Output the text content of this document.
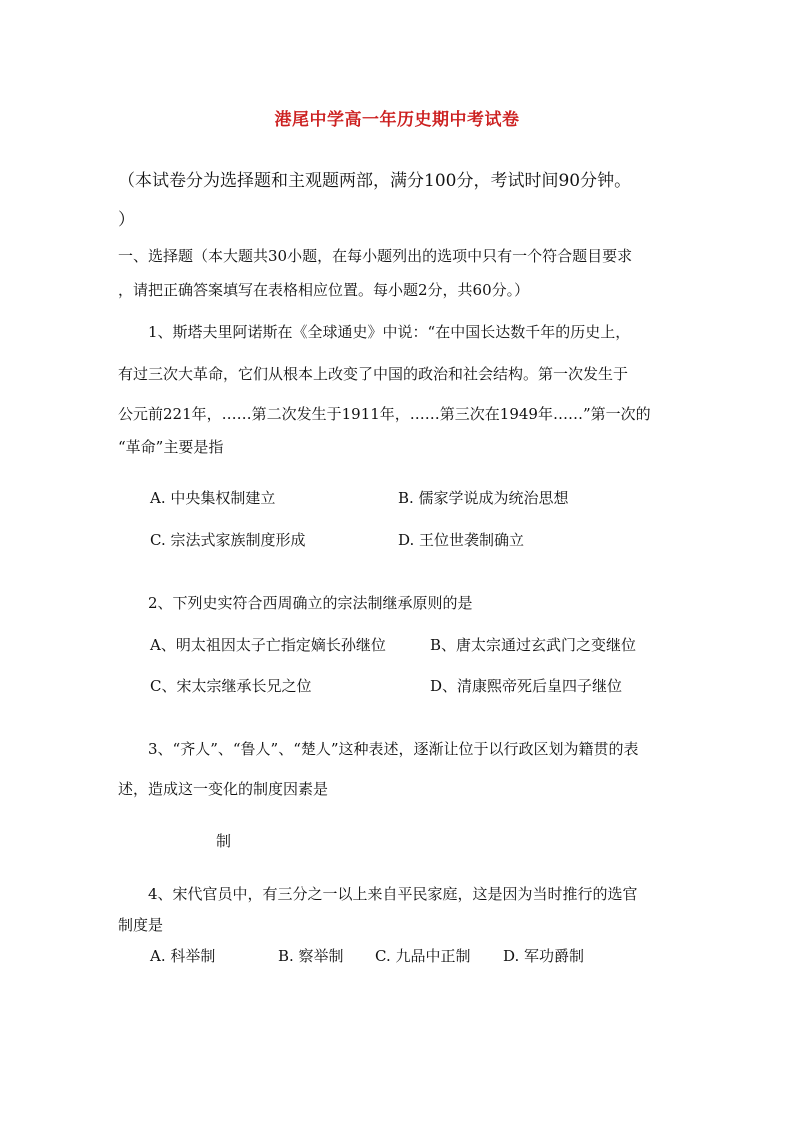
港尾中学高一年历史期中考试卷
（本试卷分为选择题和主观题两部，满分100分，考试时间90分钟。
）
一、选择题（本大题共30小题，在每小题列出的选项中只有一个符合题目要求
，请把正确答案填写在表格相应位置。每小题2分，共60分。）
1、斯塔夫里阿诺斯在《全球通史》中说：“在中国长达数千年的历史上，
有过三次大革命，它们从根本上改变了中国的政治和社会结构。第一次发生于
公元前221年，……第二次发生于1911年，……第三次在1949年……”第一次的
“革命”主要是指
A. 中央集权制建立	B. 儒家学说成为统治思想
C. 宗法式家族制度形成	D. 王位世袭制确立
2、下列史实符合西周确立的宗法制继承原则的是
A、明太祖因太子亡指定嫡长孙继位	B、唐太宗通过玄武门之变继位
C、宋太宗继承长兄之位	D、清康熙帝死后皇四子继位
3、“齐人”、“鲁人”、“楚人”这种表述，逐渐让位于以行政区划为籍贯的表
述，造成这一变化的制度因素是
制
4、宋代官员中，有三分之一以上来自平民家庭，这是因为当时推行的选官
制度是
A. 科举制	B. 察举制 C. 九品中正制 D. 军功爵制
